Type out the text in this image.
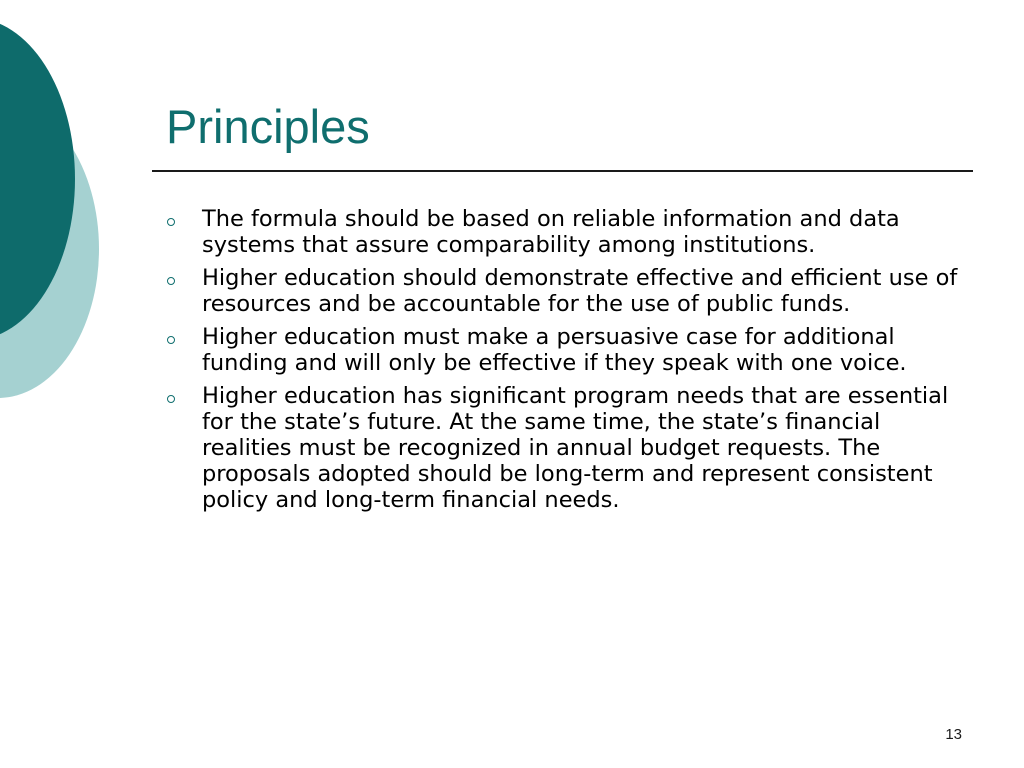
Principles
The formula should be based on reliable information and data systems that assure comparability among institutions.
Higher education should demonstrate effective and efficient use of resources and be accountable for the use of public funds.
Higher education must make a persuasive case for additional funding and will only be effective if they speak with one voice.
Higher education has significant program needs that are essential for the state’s future. At the same time, the state’s financial realities must be recognized in annual budget requests. The proposals adopted should be long-term and represent consistent policy and long-term financial needs.
13
